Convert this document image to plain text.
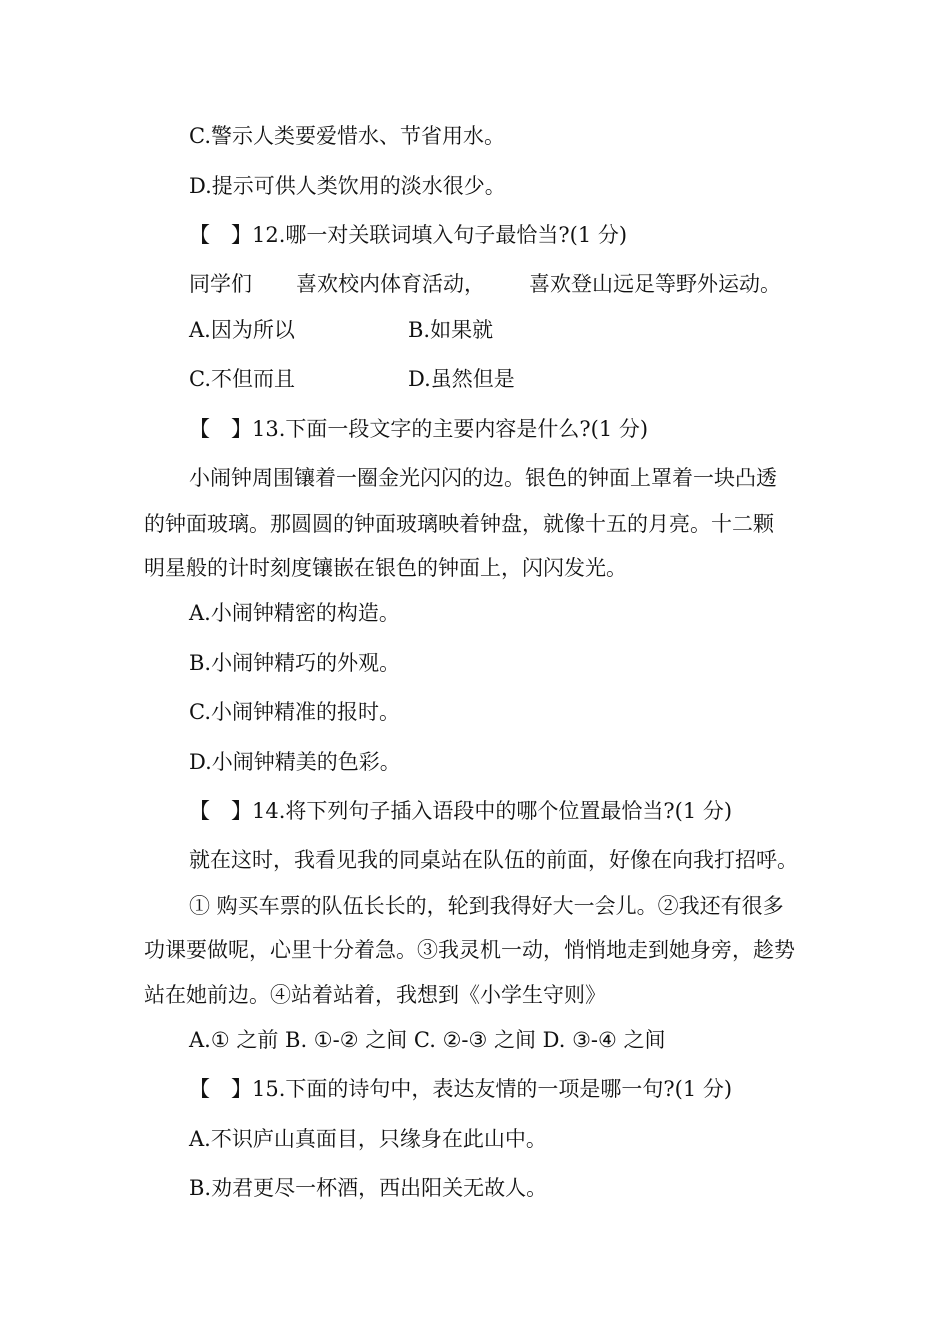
C.警示人类要爱惜水、节省用水。
D.提示可供人类饮用的淡水很少。
【　】12.哪一对关联词填入句子最恰当?(1 分)
同学们 喜欢校内体育活动， 喜欢登山远足等野外运动。
A.因为所以	B.如果就
C.不但而且	D.虽然但是
【　】13.下面一段文字的主要内容是什么?(1 分)
小闹钟周围镶着一圈金光闪闪的边。银色的钟面上罩着一块凸透
的钟面玻璃。那圆圆的钟面玻璃映着钟盘，就像十五的月亮。十二颗
明星般的计时刻度镶嵌在银色的钟面上，闪闪发光。
A.小闹钟精密的构造。
B.小闹钟精巧的外观。
C.小闹钟精准的报时。
D.小闹钟精美的色彩。
【　】14.将下列句子插入语段中的哪个位置最恰当?(1 分)
就在这时，我看见我的同桌站在队伍的前面，好像在向我打招呼。
① 购买车票的队伍长长的，轮到我得好大一会儿。②我还有很多
功课要做呢，心里十分着急。③我灵机一动，悄悄地走到她身旁，趁势
站在她前边。④站着站着，我想到《小学生守则》
A.① 之前 B. ①-② 之间 C. ②-③ 之间 D. ③-④ 之间
【　】15.下面的诗句中，表达友情的一项是哪一句?(1 分)
A.不识庐山真面目，只缘身在此山中。
B.劝君更尽一杯酒，西出阳关无故人。
